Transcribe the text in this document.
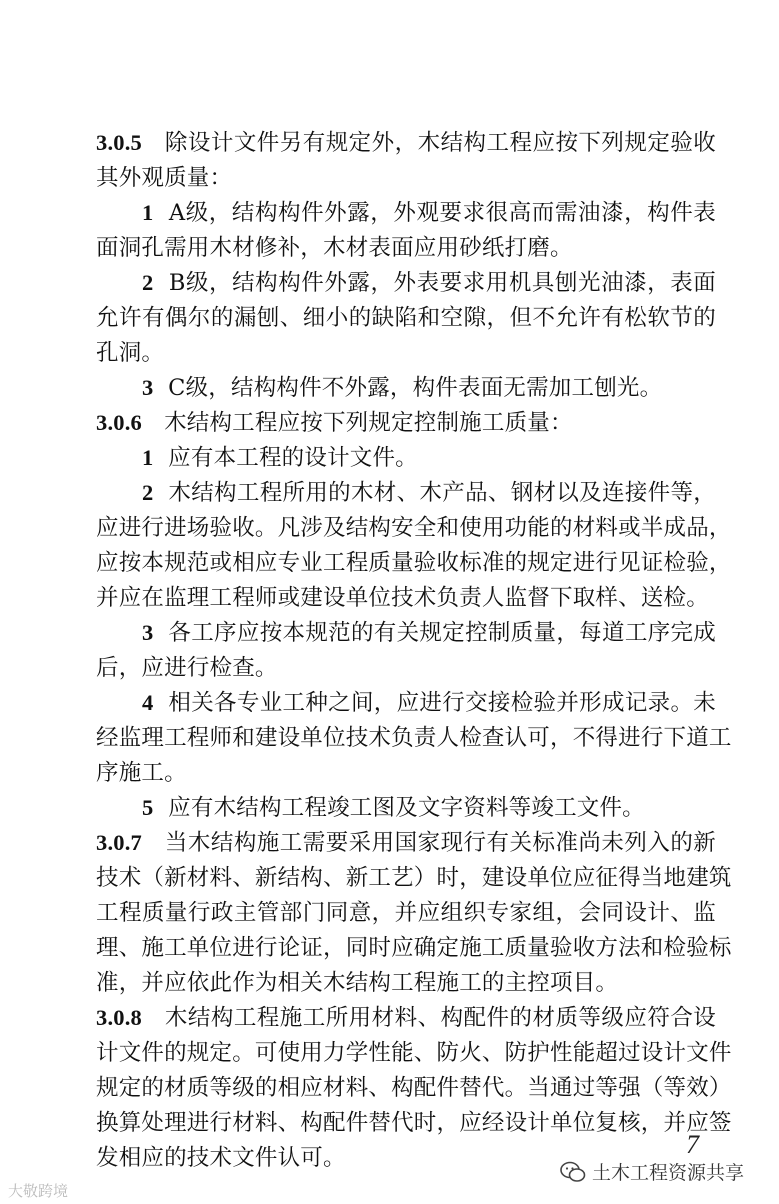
3.0.5 除设计文件另有规定外，木结构工程应按下列规定验收
其外观质量：
1 A级，结构构件外露，外观要求很高而需油漆，构件表
面洞孔需用木材修补，木材表面应用砂纸打磨。
2 B级，结构构件外露，外表要求用机具刨光油漆，表面
允许有偶尔的漏刨、细小的缺陷和空隙，但不允许有松软节的
孔洞。
3 C级，结构构件不外露，构件表面无需加工刨光。
3.0.6 木结构工程应按下列规定控制施工质量：
1 应有本工程的设计文件。
2 木结构工程所用的木材、木产品、钢材以及连接件等，
应进行进场验收。凡涉及结构安全和使用功能的材料或半成品，
应按本规范或相应专业工程质量验收标准的规定进行见证检验，
并应在监理工程师或建设单位技术负责人监督下取样、送检。
3 各工序应按本规范的有关规定控制质量，每道工序完成
后，应进行检查。
4 相关各专业工种之间，应进行交接检验并形成记录。未
经监理工程师和建设单位技术负责人检查认可，不得进行下道工
序施工。
5 应有木结构工程竣工图及文字资料等竣工文件。
3.0.7 当木结构施工需要采用国家现行有关标准尚未列入的新
技术（新材料、新结构、新工艺）时，建设单位应征得当地建筑
工程质量行政主管部门同意，并应组织专家组，会同设计、监
理、施工单位进行论证，同时应确定施工质量验收方法和检验标
准，并应依此作为相关木结构工程施工的主控项目。
3.0.8 木结构工程施工所用材料、构配件的材质等级应符合设
计文件的规定。可使用力学性能、防火、防护性能超过设计文件
规定的材质等级的相应材料、构配件替代。当通过等强（等效）
换算处理进行材料、构配件替代时，应经设计单位复核，并应签
发相应的技术文件认可。	7
大敬跨境
土木工程资源共享
